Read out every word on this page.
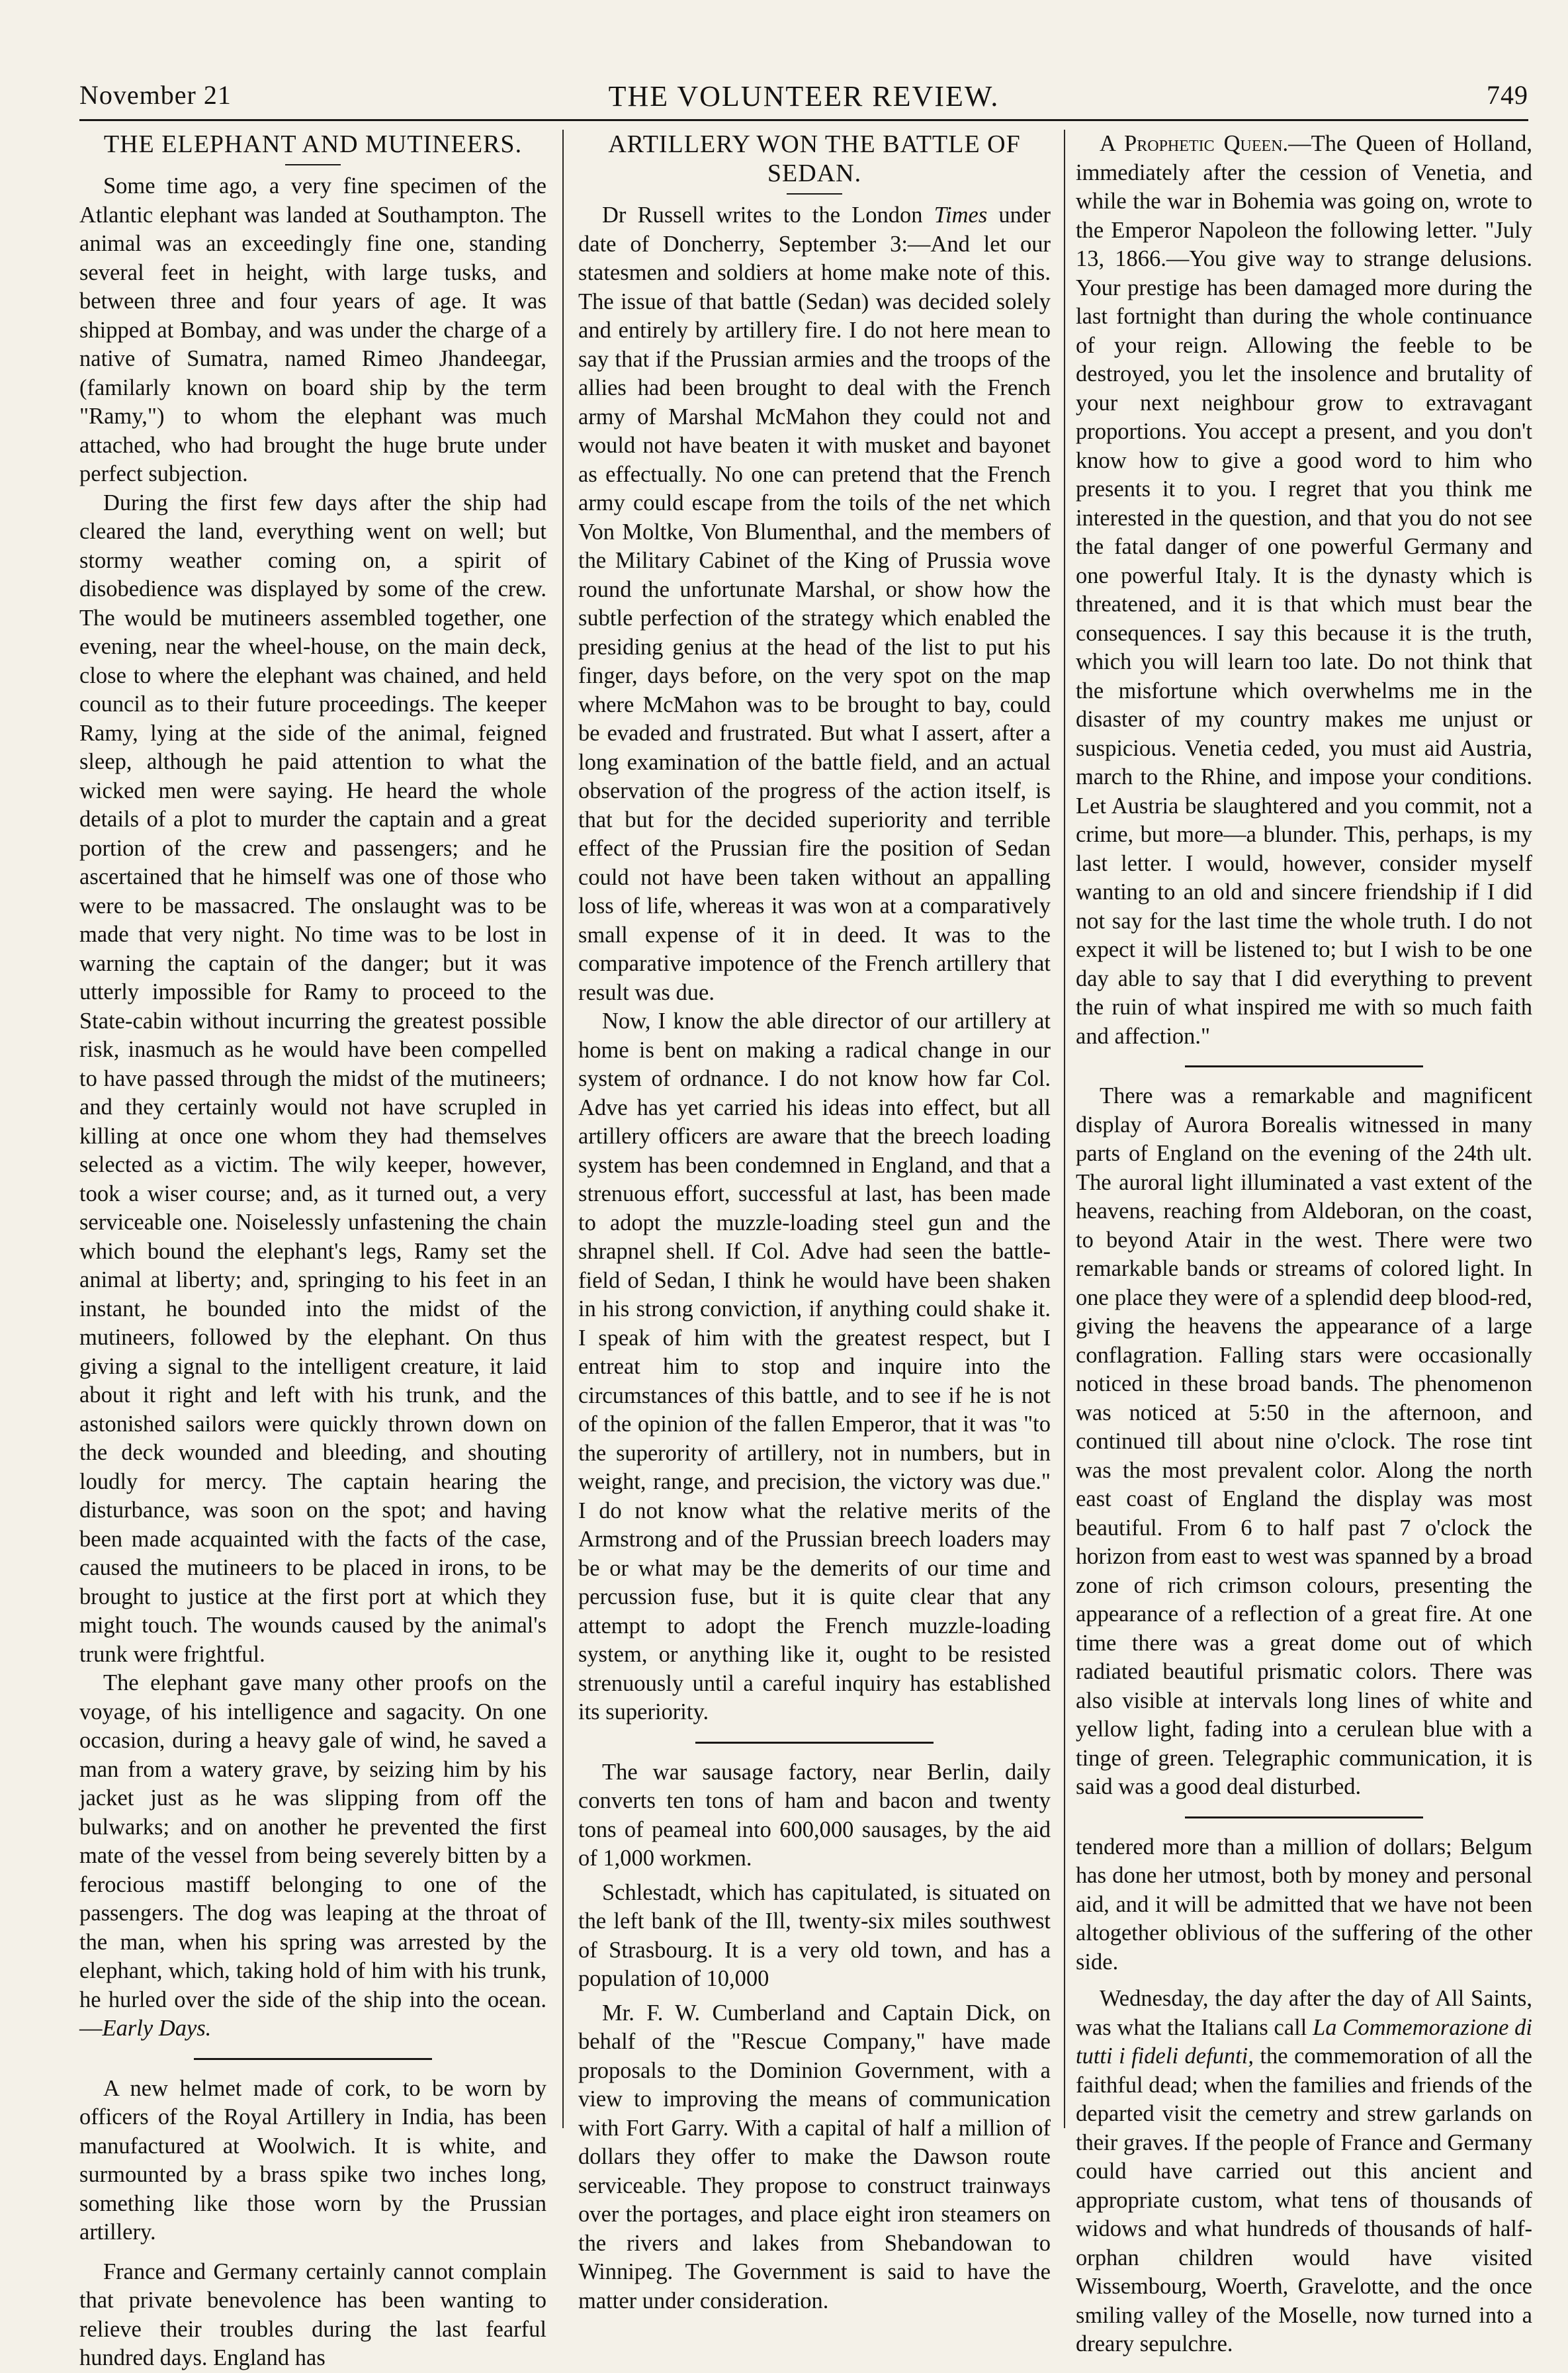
November 21	THE VOLUNTEER REVIEW.	749
THE ELEPHANT AND MUTINEERS.

Some time ago, a very fine specimen of the Atlantic elephant was landed at Southampton. The animal was an exceedingly fine one, standing several feet in height, with large tusks, and between three and four years of age. It was shipped at Bombay, and was under the charge of a native of Sumatra, named Rimeo Jhandeegar, (familarly known on board ship by the term "Ramy,") to whom the elephant was much attached, who had brought the huge brute under perfect subjection.

During the first few days after the ship had cleared the land, everything went on well; but stormy weather coming on, a spirit of disobedience was displayed by some of the crew. The would be mutineers assembled together, one evening, near the wheel-house, on the main deck, close to where the elephant was chained, and held council as to their future proceedings. The keeper Ramy, lying at the side of the animal, feigned sleep, although he paid attention to what the wicked men were saying. He heard the whole details of a plot to murder the captain and a great portion of the crew and passengers; and he ascertained that he himself was one of those who were to be massacred. The onslaught was to be made that very night. No time was to be lost in warning the captain of the danger; but it was utterly impossible for Ramy to proceed to the State-cabin without incurring the greatest possible risk, inasmuch as he would have been compelled to have passed through the midst of the mutineers; and they certainly would not have scrupled in killing at once one whom they had themselves selected as a victim. The wily keeper, however, took a wiser course; and, as it turned out, a very serviceable one. Noiselessly unfastening the chain which bound the elephant's legs, Ramy set the animal at liberty; and, springing to his feet in an instant, he bounded into the midst of the mutineers, followed by the elephant. On thus giving a signal to the intelligent creature, it laid about it right and left with his trunk, and the astonished sailors were quickly thrown down on the deck wounded and bleeding, and shouting loudly for mercy. The captain hearing the disturbance, was soon on the spot; and having been made acquainted with the facts of the case, caused the mutineers to be placed in irons, to be brought to justice at the first port at which they might touch. The wounds caused by the animal's trunk were frightful.

The elephant gave many other proofs on the voyage, of his intelligence and sagacity. On one occasion, during a heavy gale of wind, he saved a man from a watery grave, by seizing him by his jacket just as he was slipping from off the bulwarks; and on another he prevented the first mate of the vessel from being severely bitten by a ferocious mastiff belonging to one of the passengers. The dog was leaping at the throat of the man, when his spring was arrested by the elephant, which, taking hold of him with his trunk, he hurled over the side of the ship into the ocean.—Early Days.

A new helmet made of cork, to be worn by officers of the Royal Artillery in India, has been manufactured at Woolwich. It is white, and surmounted by a brass spike two inches long, something like those worn by the Prussian artillery.

France and Germany certainly cannot complain that private benevolence has been wanting to relieve their troubles during the last fearful hundred days. England has

ARTILLERY WON THE BATTLE OF SEDAN.

Dr Russell writes to the London Times under date of Doncherry, September 3:—And let our statesmen and soldiers at home make note of this. The issue of that battle (Sedan) was decided solely and entirely by artillery fire. I do not here mean to say that if the Prussian armies and the troops of the allies had been brought to deal with the French army of Marshal McMahon they could not and would not have beaten it with musket and bayonet as effectually. No one can pretend that the French army could escape from the toils of the net which Von Moltke, Von Blumenthal, and the members of the Military Cabinet of the King of Prussia wove round the unfortunate Marshal, or show how the subtle perfection of the strategy which enabled the presiding genius at the head of the list to put his finger, days before, on the very spot on the map where McMahon was to be brought to bay, could be evaded and frustrated. But what I assert, after a long examination of the battle field, and an actual observation of the progress of the action itself, is that but for the decided superiority and terrible effect of the Prussian fire the position of Sedan could not have been taken without an appalling loss of life, whereas it was won at a comparatively small expense of it in deed. It was to the comparative impotence of the French artillery that result was due.

Now, I know the able director of our artillery at home is bent on making a radical change in our system of ordnance. I do not know how far Col. Adve has yet carried his ideas into effect, but all artillery officers are aware that the breech loading system has been condemned in England, and that a strenuous effort, successful at last, has been made to adopt the muzzle-loading steel gun and the shrapnel shell. If Col. Adve had seen the battle-field of Sedan, I think he would have been shaken in his strong conviction, if anything could shake it. I speak of him with the greatest respect, but I entreat him to stop and inquire into the circumstances of this battle, and to see if he is not of the opinion of the fallen Emperor, that it was "to the superority of artillery, not in numbers, but in weight, range, and precision, the victory was due." I do not know what the relative merits of the Armstrong and of the Prussian breech loaders may be or what may be the demerits of our time and percussion fuse, but it is quite clear that any attempt to adopt the French muzzle-loading system, or anything like it, ought to be resisted strenuously until a careful inquiry has established its superiority.

The war sausage factory, near Berlin, daily converts ten tons of ham and bacon and twenty tons of peameal into 600,000 sausages, by the aid of 1,000 workmen.

Schlestadt, which has capitulated, is situated on the left bank of the Ill, twenty-six miles southwest of Strasbourg. It is a very old town, and has a population of 10,000

Mr. F. W. Cumberland and Captain Dick, on behalf of the "Rescue Company," have made proposals to the Dominion Government, with a view to improving the means of communication with Fort Garry. With a capital of half a million of dollars they offer to make the Dawson route serviceable. They propose to construct trainways over the portages, and place eight iron steamers on the rivers and lakes from Shebandowan to Winnipeg. The Government is said to have the matter under consideration.

A Prophetic Queen.—The Queen of Holland, immediately after the cession of Venetia, and while the war in Bohemia was going on, wrote to the Emperor Napoleon the following letter. "July 13, 1866.—You give way to strange delusions. Your prestige has been damaged more during the last fortnight than during the whole continuance of your reign. Allowing the feeble to be destroyed, you let the insolence and brutality of your next neighbour grow to extravagant proportions. You accept a present, and you don't know how to give a good word to him who presents it to you. I regret that you think me interested in the question, and that you do not see the fatal danger of one powerful Germany and one powerful Italy. It is the dynasty which is threatened, and it is that which must bear the consequences. I say this because it is the truth, which you will learn too late. Do not think that the misfortune which overwhelms me in the disaster of my country makes me unjust or suspicious. Venetia ceded, you must aid Austria, march to the Rhine, and impose your conditions. Let Austria be slaughtered and you commit, not a crime, but more—a blunder. This, perhaps, is my last letter. I would, however, consider myself wanting to an old and sincere friendship if I did not say for the last time the whole truth. I do not expect it will be listened to; but I wish to be one day able to say that I did everything to prevent the ruin of what inspired me with so much faith and affection."

There was a remarkable and magnificent display of Aurora Borealis witnessed in many parts of England on the evening of the 24th ult. The auroral light illuminated a vast extent of the heavens, reaching from Aldeboran, on the coast, to beyond Atair in the west. There were two remarkable bands or streams of colored light. In one place they were of a splendid deep blood-red, giving the heavens the appearance of a large conflagration. Falling stars were occasionally noticed in these broad bands. The phenomenon was noticed at 5:50 in the afternoon, and continued till about nine o'clock. The rose tint was the most prevalent color. Along the north east coast of England the display was most beautiful. From 6 to half past 7 o'clock the horizon from east to west was spanned by a broad zone of rich crimson colours, presenting the appearance of a reflection of a great fire. At one time there was a great dome out of which radiated beautiful prismatic colors. There was also visible at intervals long lines of white and yellow light, fading into a cerulean blue with a tinge of green. Telegraphic communication, it is said was a good deal disturbed.

tendered more than a million of dollars; Belgum has done her utmost, both by money and personal aid, and it will be admitted that we have not been altogether oblivious of the suffering of the other side.

Wednesday, the day after the day of All Saints, was what the Italians call La Commemorazione di tutti i fideli defunti, the commemoration of all the faithful dead; when the families and friends of the departed visit the cemetry and strew garlands on their graves. If the people of France and Germany could have carried out this ancient and appropriate custom, what tens of thousands of widows and what hundreds of thousands of half-orphan children would have visited Wissembourg, Woerth, Gravelotte, and the once smiling valley of the Moselle, now turned into a dreary sepulchre.
